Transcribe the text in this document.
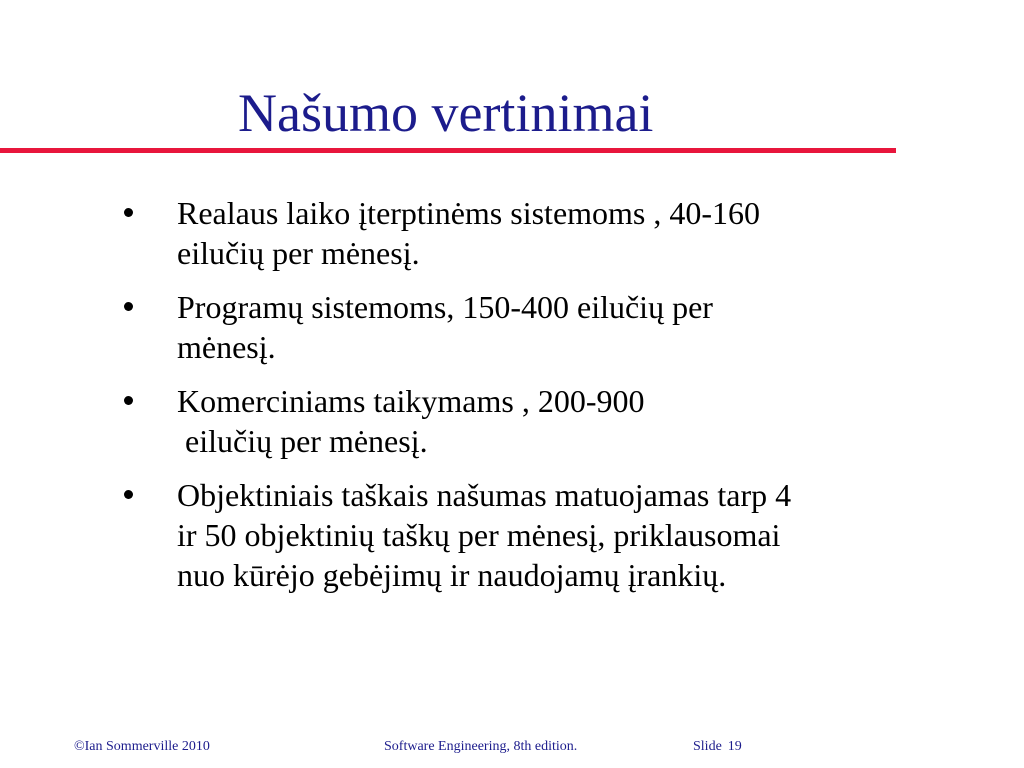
Našumo vertinimai
Realaus laiko įterptinėms sistemoms , 40-160
eilučių per mėnesį.
Programų sistemoms, 150-400 eilučių per
mėnesį.
Komerciniams taikymams , 200-900
eilučių per mėnesį.
Objektiniais taškais našumas matuojamas tarp 4
ir 50 objektinių taškų per mėnesį, priklausomai
nuo kūrėjo gebėjimų ir naudojamų įrankių.
©Ian Sommerville 2010	Software Engineering, 8th edition.	Slide 19
